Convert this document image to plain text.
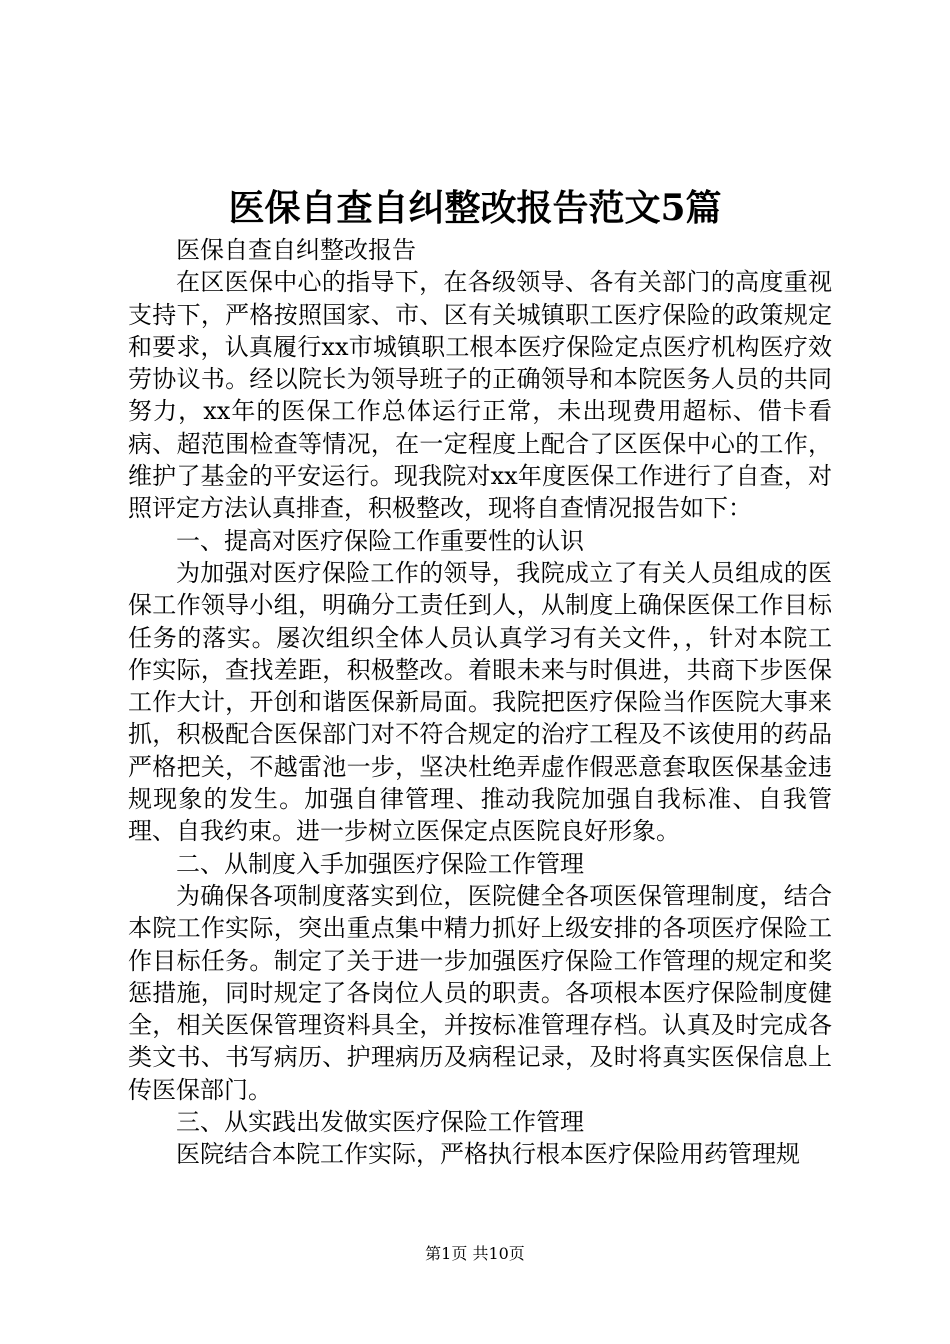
医保自查自纠整改报告范文5篇

医保自查自纠整改报告

在区医保中心的指导下，在各级领导、各有关部门的高度重视支持下，严格按照国家、市、区有关城镇职工医疗保险的政策规定和要求，认真履行xx市城镇职工根本医疗保险定点医疗机构医疗效劳协议书。经以院长为领导班子的正确领导和本院医务人员的共同努力，xx年的医保工作总体运行正常，未出现费用超标、借卡看病、超范围检查等情况，在一定程度上配合了区医保中心的工作，维护了基金的平安运行。现我院对xx年度医保工作进行了自查，对照评定方法认真排查，积极整改，现将自查情况报告如下：

一、提高对医疗保险工作重要性的认识

为加强对医疗保险工作的领导，我院成立了有关人员组成的医保工作领导小组，明确分工责任到人，从制度上确保医保工作目标任务的落实。屡次组织全体人员认真学习有关文件，，针对本院工作实际，查找差距，积极整改。着眼未来与时俱进，共商下步医保工作大计，开创和谐医保新局面。我院把医疗保险当作医院大事来抓，积极配合医保部门对不符合规定的治疗工程及不该使用的药品严格把关，不越雷池一步，坚决杜绝弄虚作假恶意套取医保基金违规现象的发生。加强自律管理、推动我院加强自我标准、自我管理、自我约束。进一步树立医保定点医院良好形象。

二、从制度入手加强医疗保险工作管理

为确保各项制度落实到位，医院健全各项医保管理制度，结合本院工作实际，突出重点集中精力抓好上级安排的各项医疗保险工作目标任务。制定了关于进一步加强医疗保险工作管理的规定和奖惩措施，同时规定了各岗位人员的职责。各项根本医疗保险制度健全，相关医保管理资料具全，并按标准管理存档。认真及时完成各类文书、书写病历、护理病历及病程记录，及时将真实医保信息上传医保部门。

三、从实践出发做实医疗保险工作管理

医院结合本院工作实际，严格执行根本医疗保险用药管理规

第1页 共10页
